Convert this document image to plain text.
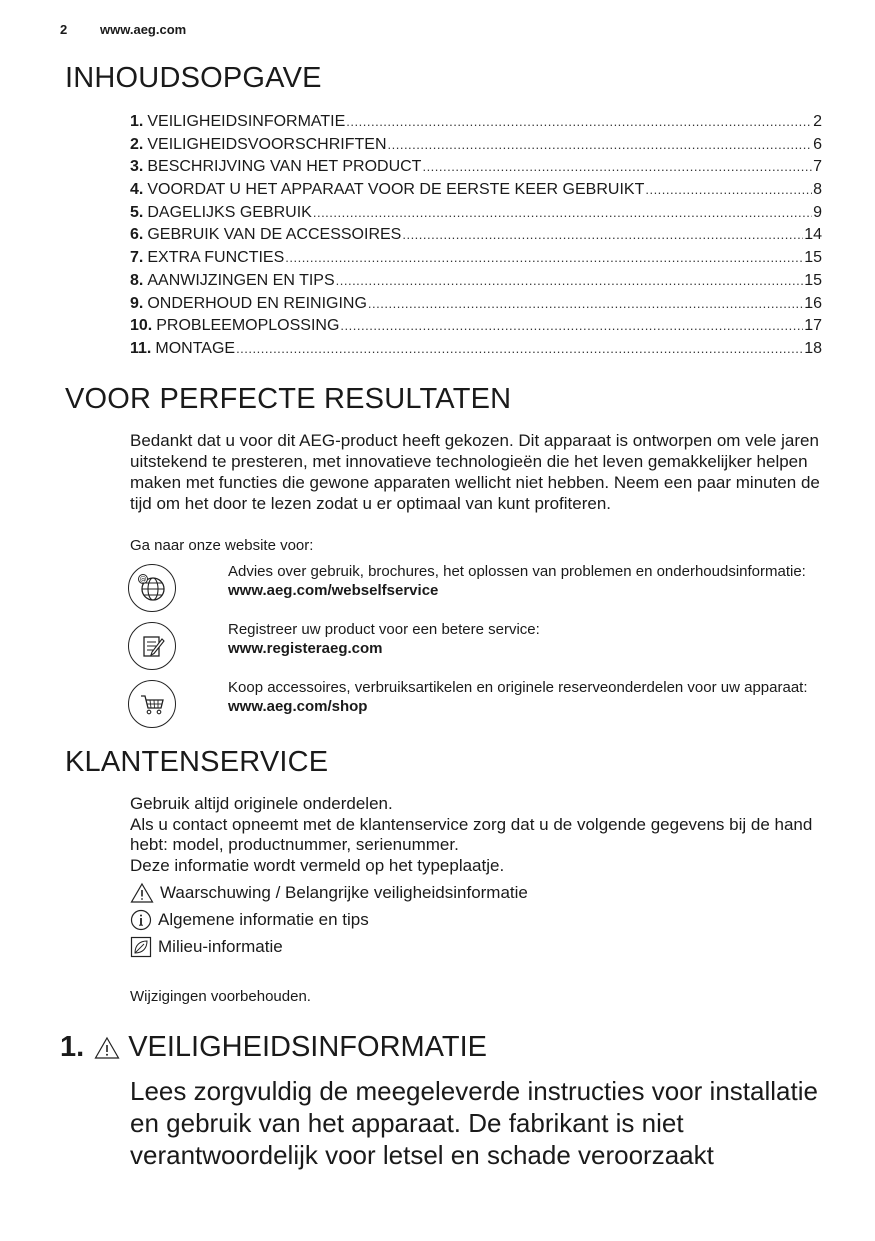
2	www.aeg.com
INHOUDSOPGAVE
1. VEILIGHEIDSINFORMATIE .....	2
2. VEILIGHEIDSVOORSCHRIFTEN .....	6
3. BESCHRIJVING VAN HET PRODUCT .....	7
4. VOORDAT U HET APPARAAT VOOR DE EERSTE KEER GEBRUIKT .....	8
5. DAGELIJKS GEBRUIK .....	9
6. GEBRUIK VAN DE ACCESSOIRES .....	14
7. EXTRA FUNCTIES .....	15
8. AANWIJZINGEN EN TIPS .....	15
9. ONDERHOUD EN REINIGING .....	16
10. PROBLEEMOPLOSSING .....	17
11. MONTAGE .....	18
VOOR PERFECTE RESULTATEN

Bedankt dat u voor dit AEG-product heeft gekozen. Dit apparaat is ontworpen om vele jaren uitstekend te presteren, met innovatieve technologieën die het leven gemakkelijker helpen maken met functies die gewone apparaten wellicht niet hebben. Neem een paar minuten de tijd om het door te lezen zodat u er optimaal van kunt profiteren.

Ga naar onze website voor:
@	Advies over gebruik, brochures, het oplossen van problemen en onderhoudsinformatie:
www.aeg.com/webselfservice
Registreer uw product voor een betere service:
www.registeraeg.com
Koop accessoires, verbruiksartikelen en originele reserveonderdelen voor uw apparaat:
www.aeg.com/shop
KLANTENSERVICE
Gebruik altijd originele onderdelen.
Als u contact opneemt met de klantenservice zorg dat u de volgende gegevens bij de hand hebt: model, productnummer, serienummer.
Deze informatie wordt vermeld op het typeplaatje.
Waarschuwing / Belangrijke veiligheidsinformatie
Algemene informatie en tips
Milieu-informatie
Wijzigingen voorbehouden.
1. VEILIGHEIDSINFORMATIE
Lees zorgvuldig de meegeleverde instructies voor installatie en gebruik van het apparaat. De fabrikant is niet verantwoordelijk voor letsel en schade veroorzaakt
